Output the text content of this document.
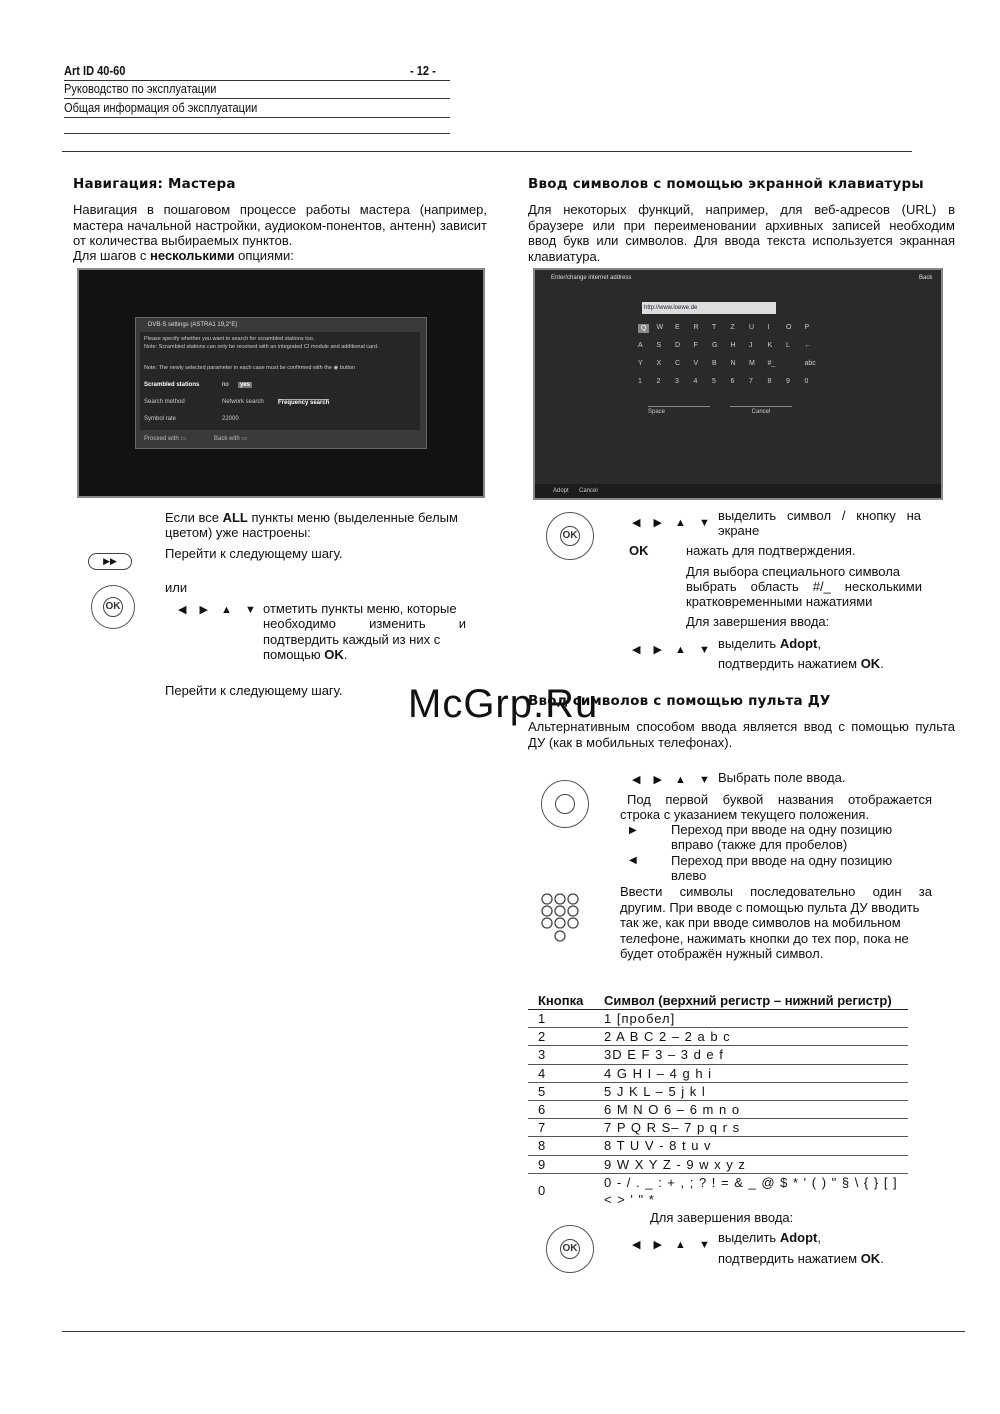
Art ID 40-60	- 12 -
Руководство по эксплуатации
Общая информация об эксплуатации
Навигация: Мастера

Навигация в пошаговом процессе работы мастера (например, мастера начальной настройки, аудиоком-понентов, антенн) зависит от количества выбираемых пунктов.

Для шагов с несколькими опциями:
DVB-S settings (ASTRA1 19,2°E)
Please specify whether you want to search for scrambled stations too.
Note: Scrambled stations can only be received with an integrated CI module and additional card.
Note: The newly selected parameter in each case must be confirmed with the ◉ button
Scrambled stations	no	yes
Search method	Network search Frequency search
Symbol rate	22000
Proceed with ▭	Back with ▭
Если все ALL пункты меню (выделенные белым
цветом) уже настроены:
▶▶	Перейти к следующему шагу.
или
OK	◀ ▶ ▲ ▼ отметить пункты меню, которые
необходимо изменить и
подтвердить каждый из них с
помощью OK.
Перейти к следующему шагу.
Ввод символов с помощью экранной клавиатуры

Для некоторых функций, например, для веб-адресов (URL) в браузере или при переименовании архивных записей необходим ввод букв или символов. Для ввода текста используется экранная клавиатура.

Enter/change internet address	Back
http://www.loewe.de
Q	W E R T Z U I O P
A S D F G H J K L ←
Y X C V B N M #_	abc
1 2 3 4 5 6 7 8 9 0
Space	Cancel
Adopt Cancel
OK
◀ ▶ ▲ ▼ выделить символ / кнопку на
экране
OK	нажать для подтверждения.
Для выбора специального символа
выбрать область #/_ несколькими
кратковременными нажатиями
Для завершения ввода:
◀ ▶ ▲ ▼ выделить Adopt,
подтвердить нажатием OK.
Ввод символов с помощью пульта ДУ

Альтернативным способом ввода является ввод с помощью пульта ДУ (как в мобильных телефонах).

◀ ▶ ▲ ▼ Выбрать поле ввода.
Под первой буквой названия отображается
строка с указанием текущего положения.
▶	Переход при вводе на одну позицию
вправо (также для пробелов)
◀	Переход при вводе на одну позицию
влево
Ввести символы последовательно один за
другим. При вводе с помощью пульта ДУ вводить
так же, как при вводе символов на мобильном
телефоне, нажимать кнопки до тех пор, пока не
будет отображён нужный символ.
Кнопка	Символ (верхний регистр – нижний регистр)
1	1 [пробел]
2	2 A B C 2 – 2 a b c
3	3D E F 3 – 3 d e f
4	4 G H I – 4 g h i
5	5 J K L – 5 j k l
6	6 M N O 6 – 6 m n o
7	7 P Q R S– 7 p q r s
8	8 T U V - 8 t u v
9	9 W X Y Z - 9 w x y z
0	0 - / . _ : + , ; ? ! = & _ @ $ * ' ( ) " § \ { } [ ] < > ' " *
Для завершения ввода:
OK	◀ ▶ ▲ ▼ выделить Adopt,
подтвердить нажатием OK.
McGrp.Ru
